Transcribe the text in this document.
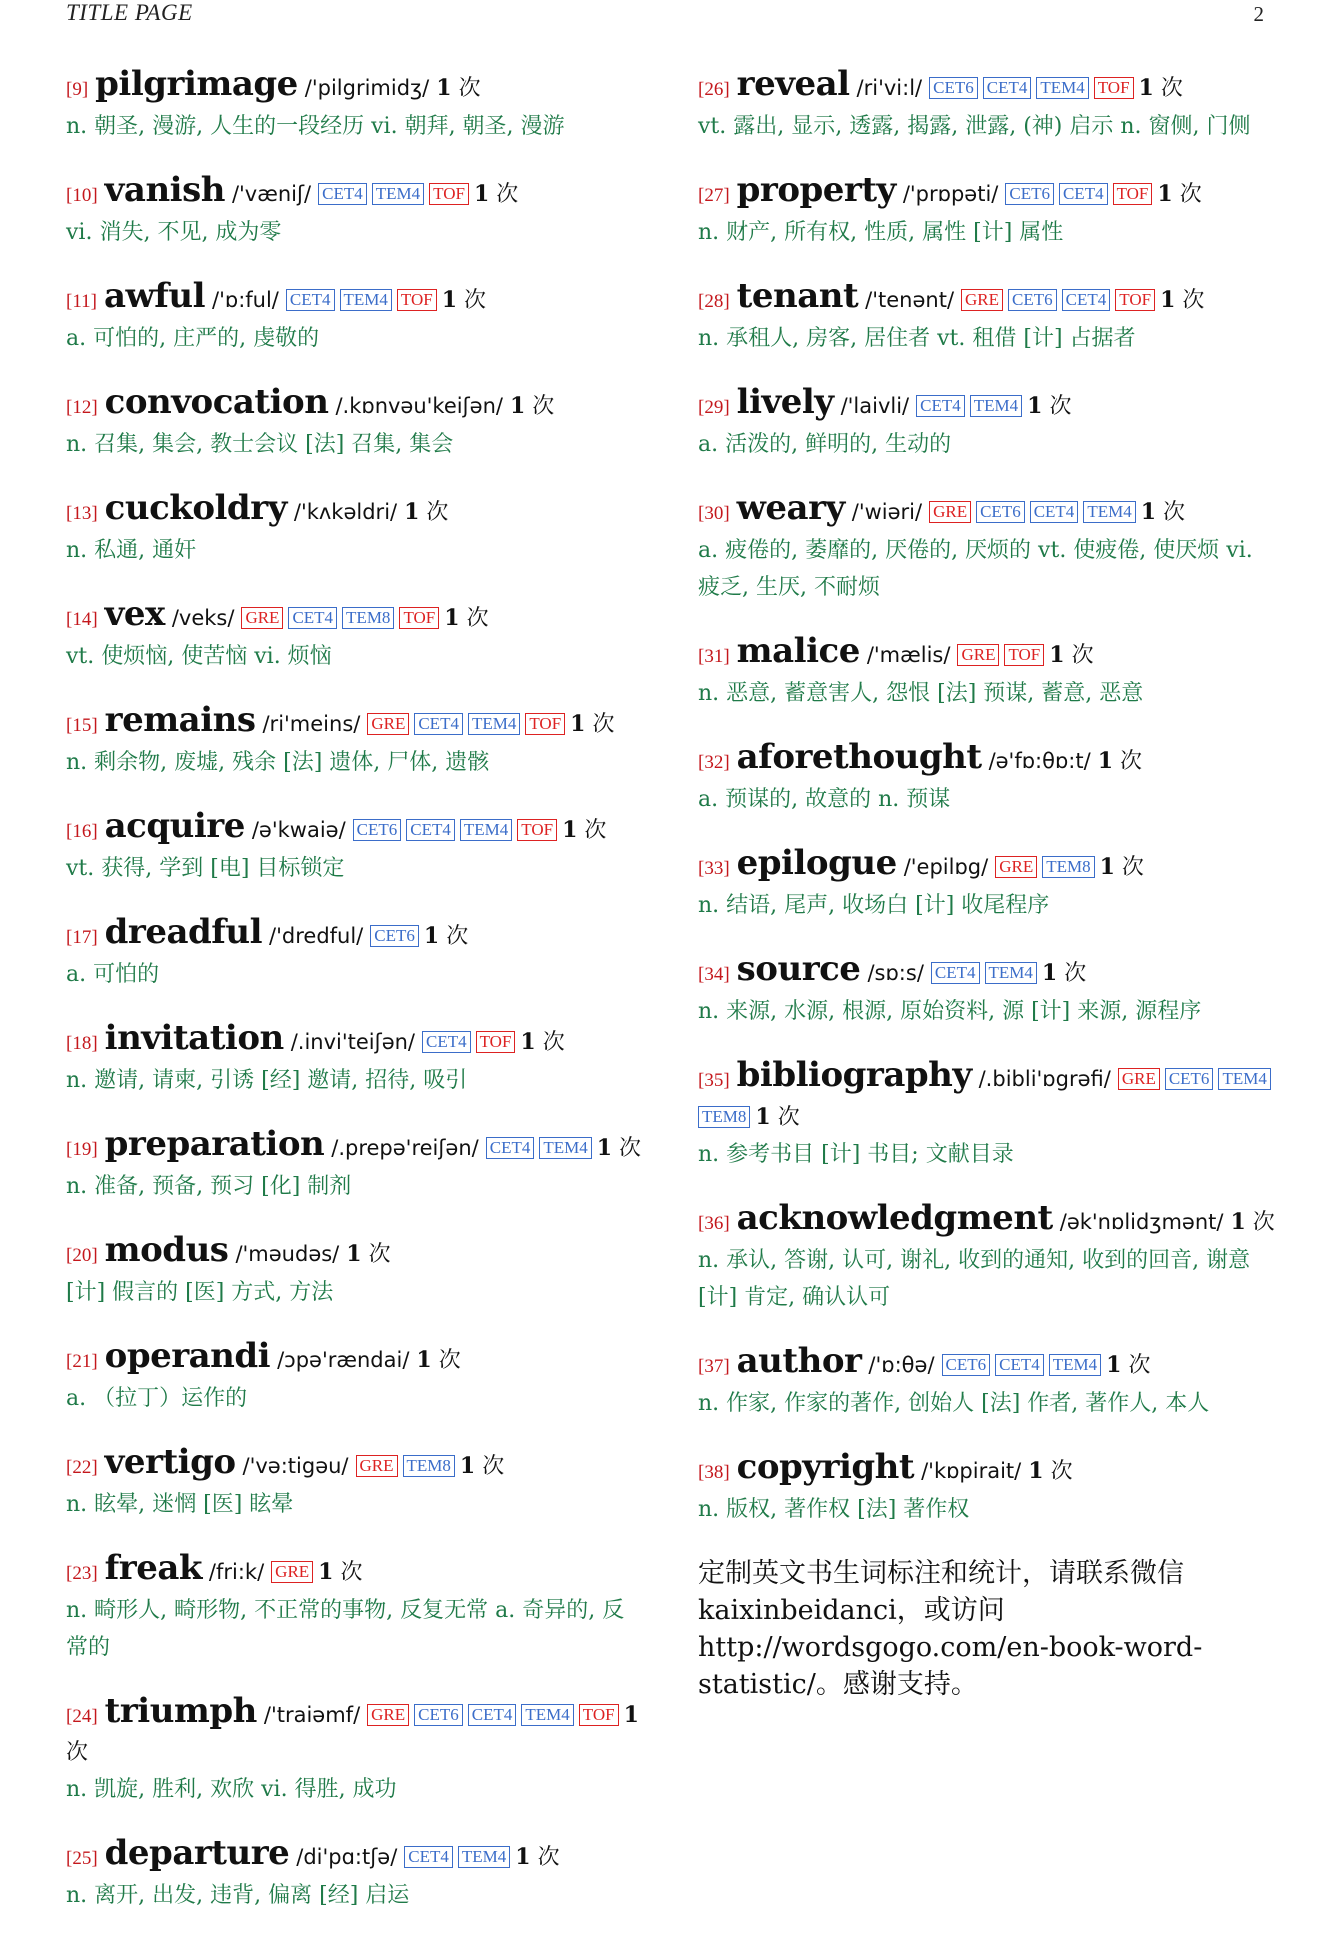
TITLE PAGE	2
[9] pilgrimage /'pilgrimidʒ/ 1 次
n. 朝圣, 漫游, 人生的一段经历 vi. 朝拜, 朝圣, 漫游
[10] vanish /'væniʃ/ CET4 TEM4 TOF 1 次
vi. 消失, 不见, 成为零
[11] awful /'ɒ:ful/ CET4 TEM4 TOF 1 次
a. 可怕的, 庄严的, 虔敬的
[12] convocation /.kɒnvəu'keiʃən/ 1 次
n. 召集, 集会, 教士会议 [法] 召集, 集会
[13] cuckoldry /'kʌkəldri/ 1 次
n. 私通, 通奸
[14] vex /veks/ GRE CET4 TEM8 TOF 1 次
vt. 使烦恼, 使苦恼 vi. 烦恼
[15] remains /ri'meins/ GRE CET4 TEM4 TOF 1 次
n. 剩余物, 废墟, 残余 [法] 遗体, 尸体, 遗骸
[16] acquire /ə'kwaiə/ CET6 CET4 TEM4 TOF 1 次
vt. 获得, 学到 [电] 目标锁定
[17] dreadful /'dredful/ CET6 1 次
a. 可怕的
[18] invitation /.invi'teiʃən/ CET4 TOF 1 次
n. 邀请, 请柬, 引诱 [经] 邀请, 招待, 吸引
[19] preparation /.prepə'reiʃən/ CET4 TEM4 1 次
n. 准备, 预备, 预习 [化] 制剂
[20] modus /'məudəs/ 1 次
[计] 假言的 [医] 方式, 方法
[21] operandi /ɔpə'rændai/ 1 次
a. （拉丁）运作的
[22] vertigo /'və:tigəu/ GRE TEM8 1 次
n. 眩晕, 迷惘 [医] 眩晕
[23] freak /fri:k/ GRE 1 次
n. 畸形人, 畸形物, 不正常的事物, 反复无常 a. 奇异的, 反常的
[24] triumph /'traiəmf/ GRE CET6 CET4 TEM4 TOF 1 次
n. 凯旋, 胜利, 欢欣 vi. 得胜, 成功
[25] departure /di'pɑ:tʃə/ CET4 TEM4 1 次
n. 离开, 出发, 违背, 偏离 [经] 启运
[26] reveal /ri'vi:l/ CET6 CET4 TEM4 TOF 1 次
vt. 露出, 显示, 透露, 揭露, 泄露, (神) 启示 n. 窗侧, 门侧
[27] property /'prɒpəti/ CET6 CET4 TOF 1 次
n. 财产, 所有权, 性质, 属性 [计] 属性
[28] tenant /'tenənt/ GRE CET6 CET4 TOF 1 次
n. 承租人, 房客, 居住者 vt. 租借 [计] 占据者
[29] lively /'laivli/ CET4 TEM4 1 次
a. 活泼的, 鲜明的, 生动的
[30] weary /'wiəri/ GRE CET6 CET4 TEM4 1 次
a. 疲倦的, 萎靡的, 厌倦的, 厌烦的 vt. 使疲倦, 使厌烦 vi. 疲乏, 生厌, 不耐烦
[31] malice /'mælis/ GRE TOF 1 次
n. 恶意, 蓄意害人, 怨恨 [法] 预谋, 蓄意, 恶意
[32] aforethought /ə'fɒ:θɒ:t/ 1 次
a. 预谋的, 故意的 n. 预谋
[33] epilogue /'epilɒg/ GRE TEM8 1 次
n. 结语, 尾声, 收场白 [计] 收尾程序
[34] source /sɒ:s/ CET4 TEM4 1 次
n. 来源, 水源, 根源, 原始资料, 源 [计] 来源, 源程序
[35] bibliography /.bibli'ɒgrəfi/ GRE CET6 TEM4TEM8 1 次
n. 参考书目 [计] 书目; 文献目录
[36] acknowledgment /ək'nɒlidʒmənt/ 1 次
n. 承认, 答谢, 认可, 谢礼, 收到的通知, 收到的回音, 谢意 [计] 肯定, 确认认可
[37] author /'ɒ:θə/ CET6 CET4 TEM4 1 次
n. 作家, 作家的著作, 创始人 [法] 作者, 著作人, 本人
[38] copyright /'kɒpirait/ 1 次
n. 版权, 著作权 [法] 著作权
定制英文书生词标注和统计，请联系微信 kaixinbeidanci，或访问 http://wordsgogo.com/en-book-word-statistic/。感谢支持。
